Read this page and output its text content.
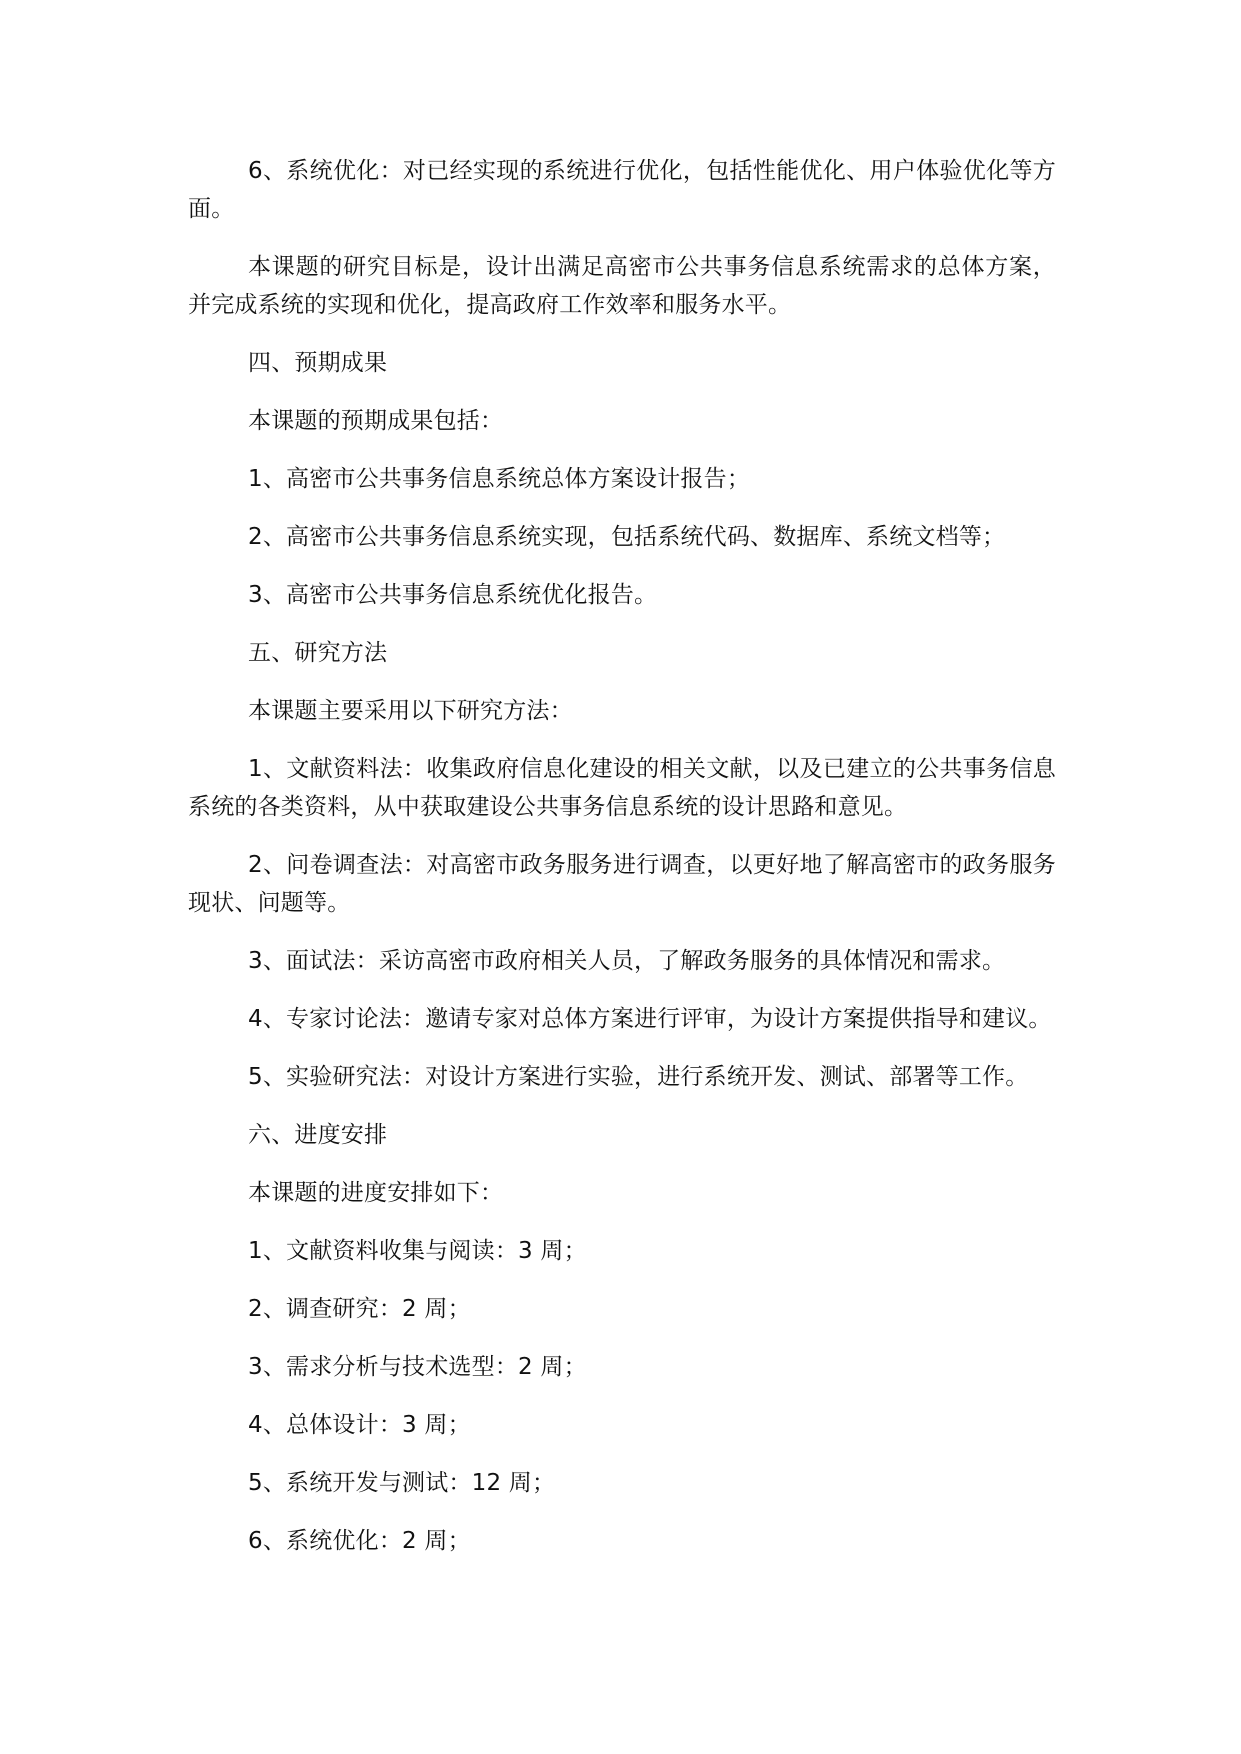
6、系统优化：对已经实现的系统进行优化，包括性能优化、用户体验优化等方面。

本课题的研究目标是，设计出满足高密市公共事务信息系统需求的总体方案，并完成系统的实现和优化，提高政府工作效率和服务水平。

四、预期成果

本课题的预期成果包括：

1、高密市公共事务信息系统总体方案设计报告；

2、高密市公共事务信息系统实现，包括系统代码、数据库、系统文档等；

3、高密市公共事务信息系统优化报告。

五、研究方法

本课题主要采用以下研究方法：

1、文献资料法：收集政府信息化建设的相关文献，以及已建立的公共事务信息系统的各类资料，从中获取建设公共事务信息系统的设计思路和意见。

2、问卷调查法：对高密市政务服务进行调查，以更好地了解高密市的政务服务现状、问题等。

3、面试法：采访高密市政府相关人员，了解政务服务的具体情况和需求。

4、专家讨论法：邀请专家对总体方案进行评审，为设计方案提供指导和建议。

5、实验研究法：对设计方案进行实验，进行系统开发、测试、部署等工作。

六、进度安排

本课题的进度安排如下：

1、文献资料收集与阅读：3 周；

2、调查研究：2 周；

3、需求分析与技术选型：2 周；

4、总体设计：3 周；

5、系统开发与测试：12 周；

6、系统优化：2 周；
